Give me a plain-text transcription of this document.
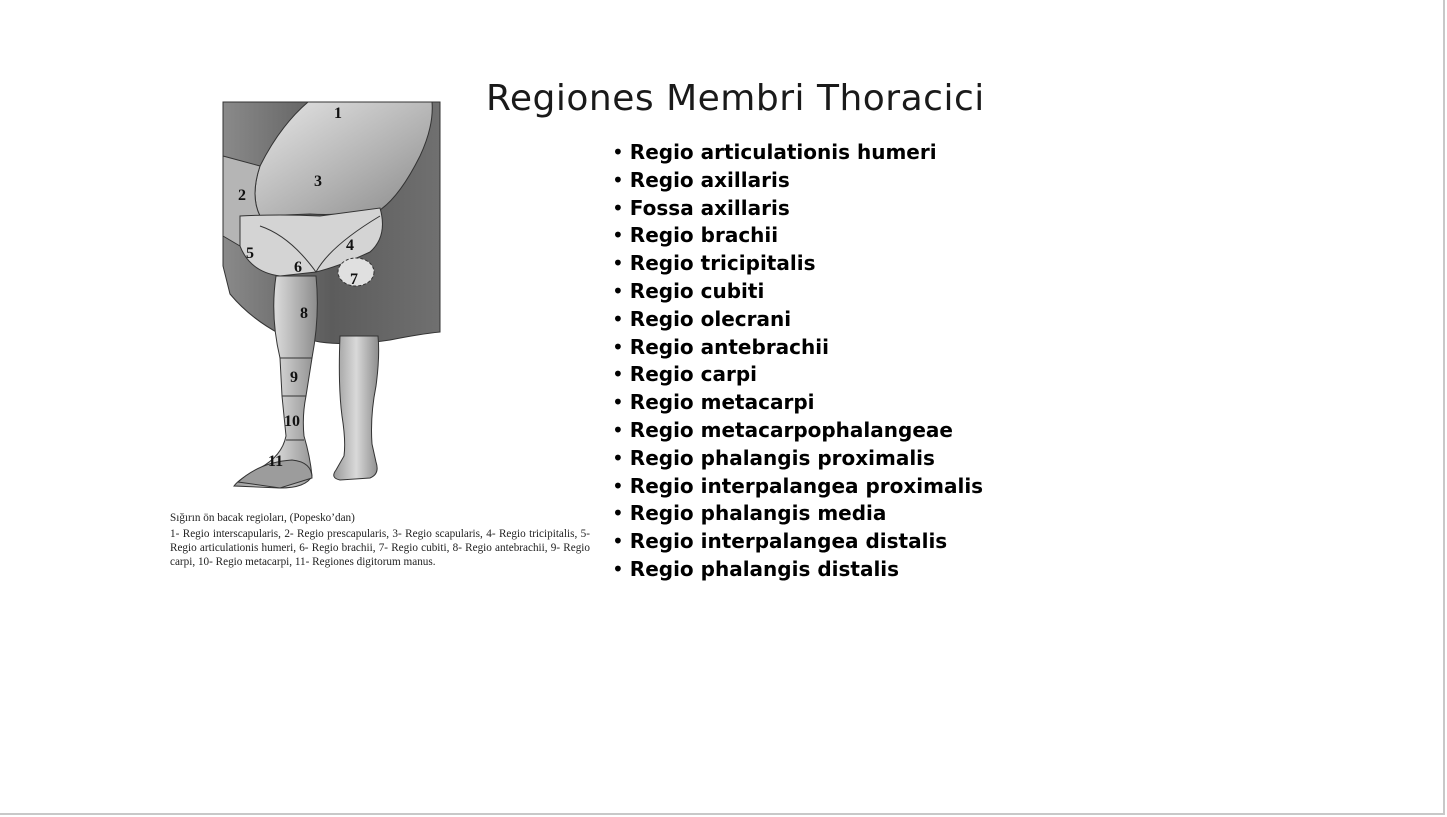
Regiones Membri Thoracici
• Regio articulationis humeri
• Regio axillaris
• Fossa axillaris
• Regio brachii
• Regio tricipitalis
• Regio cubiti
• Regio olecrani
• Regio antebrachii
• Regio carpi
• Regio metacarpi
• Regio metacarpophalangeae
• Regio phalangis proximalis
• Regio interpalangea proximalis
• Regio phalangis media
• Regio interpalangea distalis
• Regio phalangis distalis
1
2
3
4
5
6
7
8
9
10
11

Sığırın ön bacak regioları, (Popesko’dan)

1- Regio interscapularis, 2- Regio prescapularis, 3- Regio scapularis, 4- Regio tricipitalis, 5- Regio articulationis humeri, 6- Regio brachii, 7- Regio cubiti, 8- Regio antebrachii, 9- Regio carpi, 10- Regio metacarpi, 11- Regiones digitorum manus.
